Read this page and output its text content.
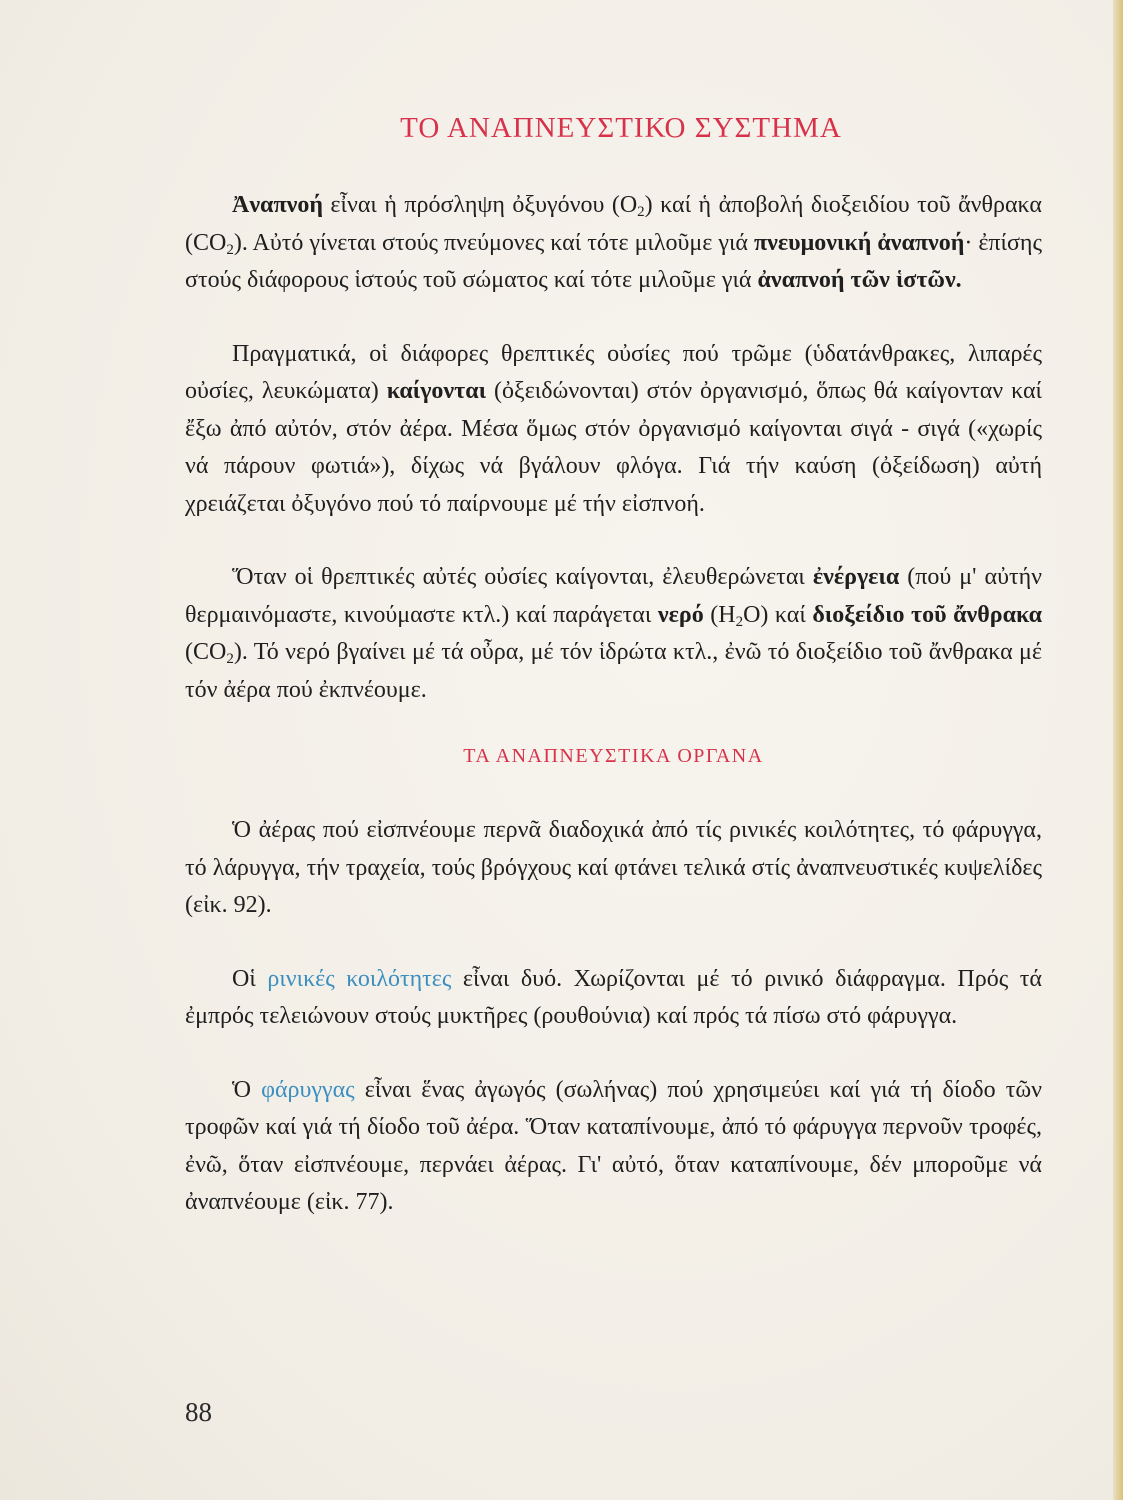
ΤΟ ΑΝΑΠΝΕΥΣΤΙΚΟ ΣΥΣΤΗΜΑ

Ἀναπνοή εἶναι ἡ πρόσληψη ὀξυγόνου $(O_2)$ καί ἡ ἀποβολή διοξειδίου τοῦ ἄνθρακα $(CO_2)$. Αὐτό γίνεται στούς πνεύμονες καί τότε μιλοῦμε γιά πνευμονική ἀναπνοή· ἐπίσης στούς διάφορους ἱστούς τοῦ σώματος καί τότε μιλοῦμε γιά ἀναπνοή τῶν ἱστῶν.

Πραγματικά, οἱ διάφορες θρεπτικές οὐσίες πού τρῶμε (ὑδατάνθρακες, λιπαρές οὐσίες, λευκώματα) καίγονται (ὀξειδώνονται) στόν ὀργανισμό, ὅπως θά καίγονταν καί ἔξω ἀπό αὐτόν, στόν ἀέρα. Μέσα ὅμως στόν ὀργανισμό καίγονται σιγά - σιγά («χωρίς νά πάρουν φωτιά»), δίχως νά βγάλουν φλόγα. Γιά τήν καύση (ὀξείδωση) αὐτή χρειάζεται ὀξυγόνο πού τό παίρνουμε μέ τήν εἰσπνοή.

Ὅταν οἱ θρεπτικές αὐτές οὐσίες καίγονται, ἐλευθερώνεται ἐνέργεια (πού μ' αὐτήν θερμαινόμαστε, κινούμαστε κτλ.) καί παράγεται νερό $(H_2O)$ καί διοξείδιο τοῦ ἄνθρακα $(CO_2)$. Τό νερό βγαίνει μέ τά οὖρα, μέ τόν ἱδρώτα κτλ., ἐνῶ τό διοξείδιο τοῦ ἄνθρακα μέ τόν ἀέρα πού ἐκπνέουμε.

ΤΑ ΑΝΑΠΝΕΥΣΤΙΚΑ ΟΡΓΑΝΑ

Ὁ ἀέρας πού εἰσπνέουμε περνᾶ διαδοχικά ἀπό τίς ρινικές κοιλότητες, τό φάρυγγα, τό λάρυγγα, τήν τραχεία, τούς βρόγχους καί φτάνει τελικά στίς ἀναπνευστικές κυψελίδες (εἰκ. 92).

Οἱ ρινικές κοιλότητες εἶναι δυό. Χωρίζονται μέ τό ρινικό διάφραγμα. Πρός τά ἐμπρός τελειώνουν στούς μυκτῆρες (ρουθούνια) καί πρός τά πίσω στό φάρυγγα.

Ὁ φάρυγγας εἶναι ἕνας ἀγωγός (σωλήνας) πού χρησιμεύει καί γιά τή δίοδο τῶν τροφῶν καί γιά τή δίοδο τοῦ ἀέρα. Ὅταν καταπίνουμε, ἀπό τό φάρυγγα περνοῦν τροφές, ἐνῶ, ὅταν εἰσπνέουμε, περνάει ἀέρας. Γι' αὐτό, ὅταν καταπίνουμε, δέν μποροῦμε νά ἀναπνέουμε (εἰκ. 77).

88
